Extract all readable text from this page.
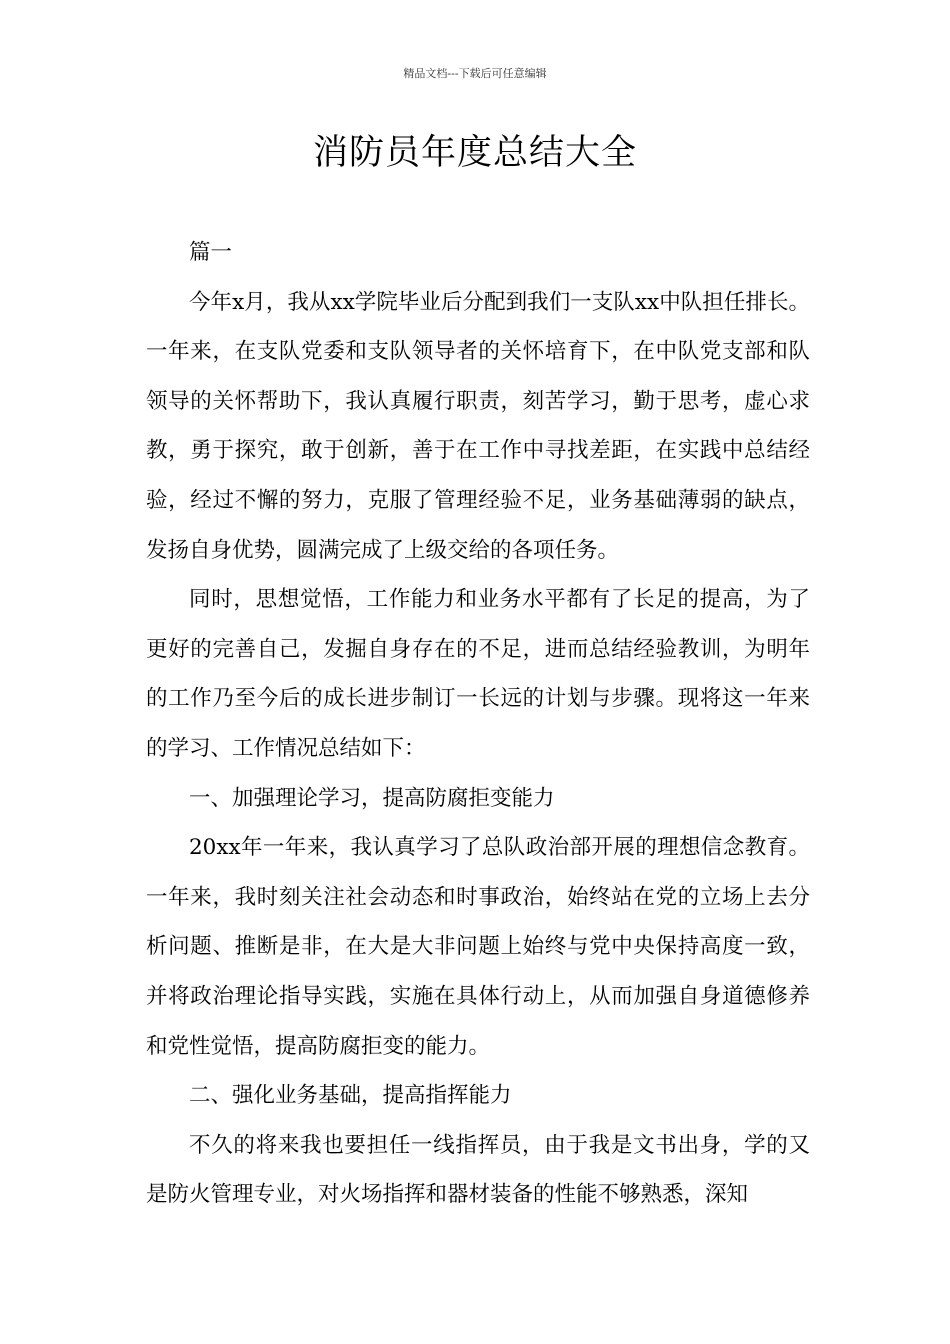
精品文档---下载后可任意编辑
消防员年度总结大全

篇一

今年x月，我从xx学院毕业后分配到我们一支队xx中队担任排长。一年来，在支队党委和支队领导者的关怀培育下，在中队党支部和队领导的关怀帮助下，我认真履行职责，刻苦学习，勤于思考，虚心求教，勇于探究，敢于创新，善于在工作中寻找差距，在实践中总结经验，经过不懈的努力，克服了管理经验不足，业务基础薄弱的缺点，发扬自身优势，圆满完成了上级交给的各项任务。

同时，思想觉悟，工作能力和业务水平都有了长足的提高，为了更好的完善自己，发掘自身存在的不足，进而总结经验教训，为明年的工作乃至今后的成长进步制订一长远的计划与步骤。现将这一年来的学习、工作情况总结如下：

一、加强理论学习，提高防腐拒变能力

20xx年一年来，我认真学习了总队政治部开展的理想信念教育。一年来，我时刻关注社会动态和时事政治，始终站在党的立场上去分析问题、推断是非，在大是大非问题上始终与党中央保持高度一致，并将政治理论指导实践，实施在具体行动上，从而加强自身道德修养和党性觉悟，提高防腐拒变的能力。

二、强化业务基础，提高指挥能力

不久的将来我也要担任一线指挥员，由于我是文书出身，学的又是防火管理专业，对火场指挥和器材装备的性能不够熟悉，深知
